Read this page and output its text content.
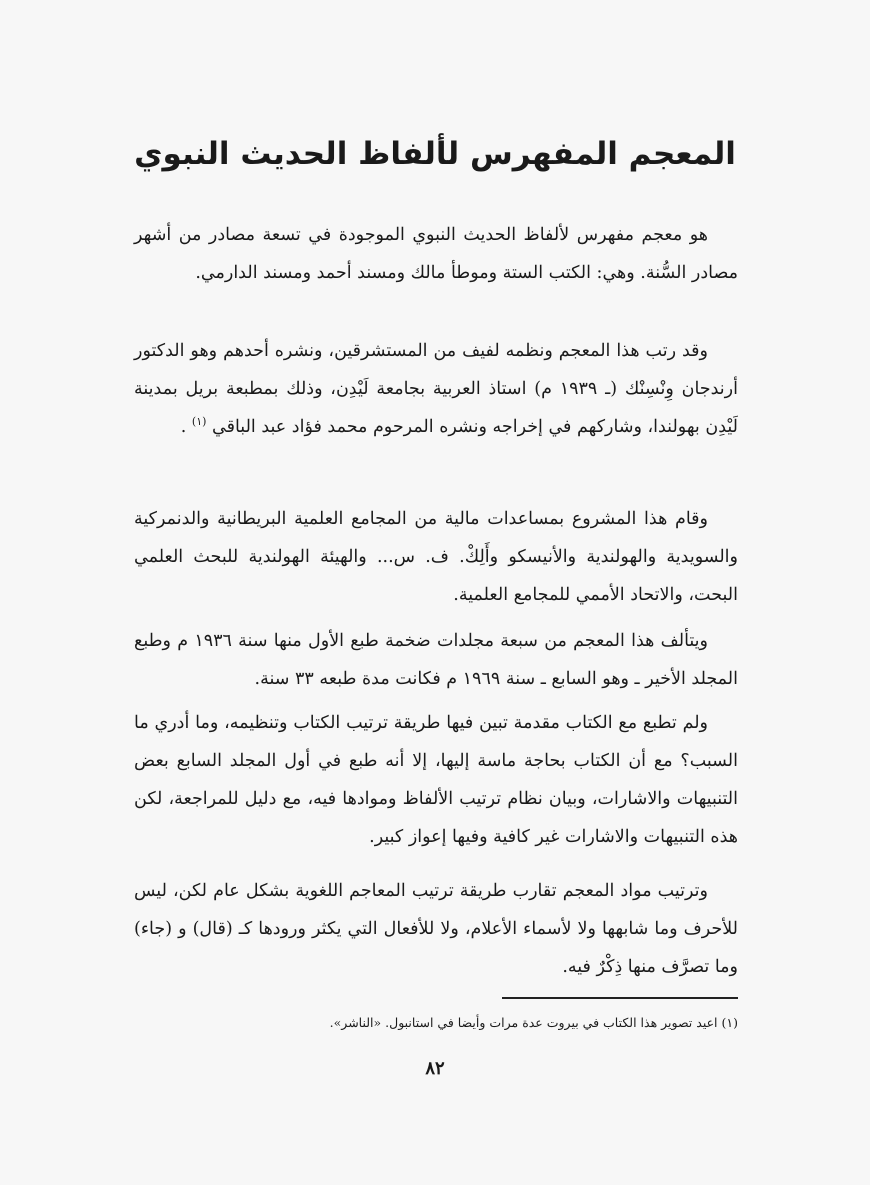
المعجم المفهرس لألفاظ الحديث النبوي

هو معجم مفهرس لألفاظ الحديث النبوي الموجودة في تسعة مصادر من أشهر مصادر السُّنة. وهي: الكتب الستة وموطأ مالك ومسند أحمد ومسند الدارمي.

وقد رتب هذا المعجم ونظمه لفيف من المستشرقين، ونشره أحدهم وهو الدكتور أرندجان وِنْسِنْك (ـ ١٩٣٩ م) استاذ العربية بجامعة لَيْدِن، وذلك بمطبعة بريل بمدينة لَيْدِن بهولندا، وشاركهم في إخراجه ونشره المرحوم محمد فؤاد عبد الباقي $^{(١)}$ .

وقام هذا المشروع بمساعدات مالية من المجامع العلمية البريطانية والدنمركية والسويدية والهولندية والأنيسكو وأَلِكْ. ف. س... والهيئة الهولندية للبحث العلمي البحت، والاتحاد الأممي للمجامع العلمية.

ويتألف هذا المعجم من سبعة مجلدات ضخمة طبع الأول منها سنة ١٩٣٦ م وطبع المجلد الأخير ـ وهو السابع ـ سنة ١٩٦٩ م فكانت مدة طبعه ٣٣ سنة.

ولم تطبع مع الكتاب مقدمة تبين فيها طريقة ترتيب الكتاب وتنظيمه، وما أدري ما السبب؟ مع أن الكتاب بحاجة ماسة إليها، إلا أنه طبع في أول المجلد السابع بعض التنبيهات والاشارات، وبيان نظام ترتيب الألفاظ وموادها فيه، مع دليل للمراجعة، لكن هذه التنبيهات والاشارات غير كافية وفيها إعواز كبير.

وترتيب مواد المعجم تقارب طريقة ترتيب المعاجم اللغوية بشكل عام لكن، ليس للأحرف وما شابهها ولا لأسماء الأعلام، ولا للأفعال التي يكثر ورودها كـ (قال) و (جاء) وما تصرَّف منها ذِكْرٌ فيه.

(١) اعيد تصوير هذا الكتاب في بيروت عدة مرات وأيضا في استانبول. «الناشر».
٨٢
